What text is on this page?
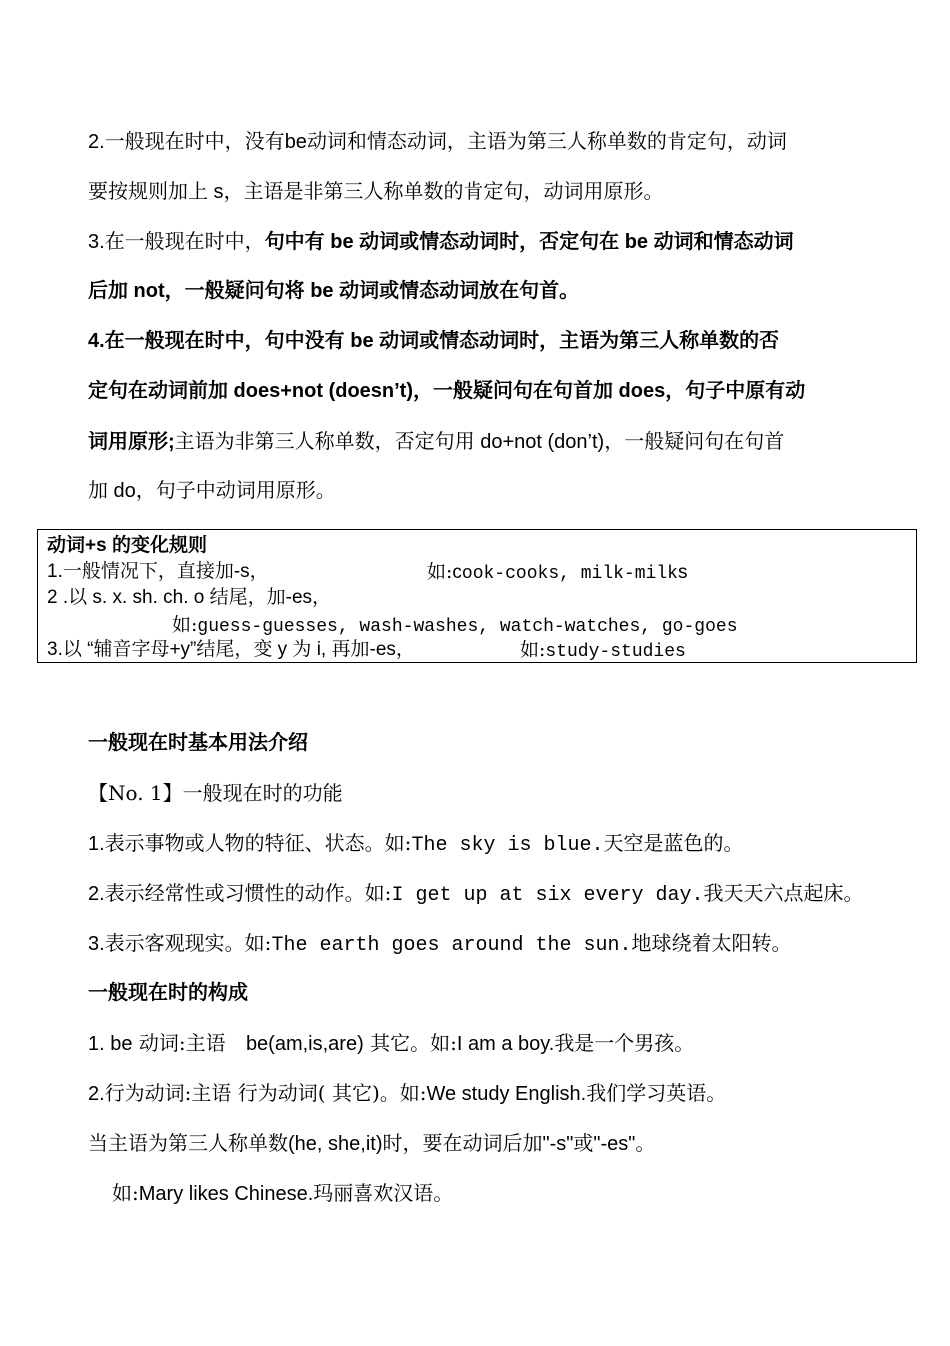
2.一般现在时中，没有be动词和情态动词，主语为第三人称单数的肯定句，动词
要按规则加上 s，主语是非第三人称单数的肯定句，动词用原形。
3.在一般现在时中，句中有 be 动词或情态动词时，否定句在 be 动词和情态动词
后加 not，一般疑问句将 be 动词或情态动词放在句首。
4.在一般现在时中，句中没有 be 动词或情态动词时，主语为第三人称单数的否
定句在动词前加 does+not (doesn’t)，一般疑问句在句首加 does，句子中原有动
词用原形;主语为非第三人称单数，否定句用 do+not (don’t)，一般疑问句在句首
加 do，句子中动词用原形。
动词+s 的变化规则
1.一般情况下，直接加-s，	如:cook-cooks, milk-milks
2 .以 s. x. sh. ch. o 结尾，加-es，
如:guess-guesses, wash-washes, watch-watches, go-goes
3.以 “辅音字母+y”结尾，变 y 为 i, 再加-es，	如:study-studies
一般现在时基本用法介绍
【No. 1】一般现在时的功能
1.表示事物或人物的特征、状态。如:The sky is blue.天空是蓝色的。
2.表示经常性或习惯性的动作。如:I get up at six every day.我天天六点起床。
3.表示客观现实。如:The earth goes around the sun.地球绕着太阳转。
一般现在时的构成
1. be 动词:主语 be(am,is,are) 其它。如:I am a boy.我是一个男孩。
2.行为动词:主语 行为动词( 其它)。如:We study English.我们学习英语。
当主语为第三人称单数(he, she,it)时，要在动词后加"-s"或"-es"。
如:Mary likes Chinese.玛丽喜欢汉语。
